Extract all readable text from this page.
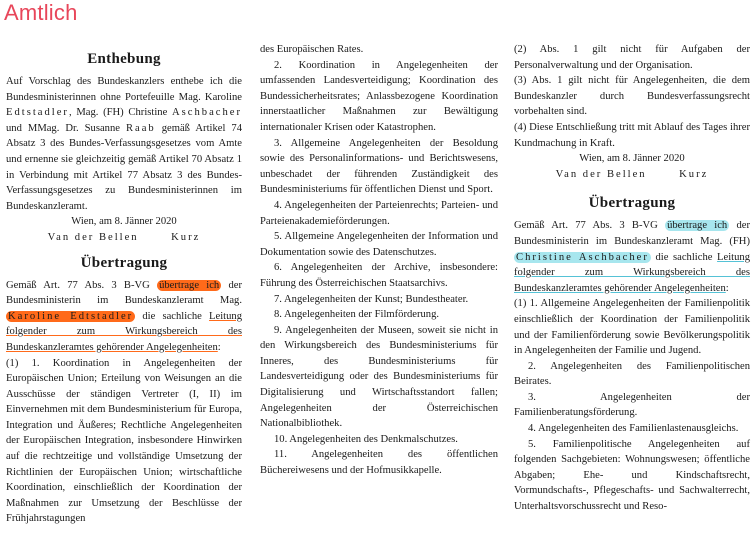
Amtlich
Enthebung

Auf Vorschlag des Bundeskanzlers enthebe ich die Bundesministerinnen ohne Portefeuille Mag. Karoline Edtstadler, Mag. (FH) Christine Aschbacher und MMag. Dr. Susanne Raab gemäß Artikel 74 Absatz 3 des Bundes-Verfassungsgesetzes vom Amte und ernenne sie gleichzeitig gemäß Artikel 70 Absatz 1 in Verbindung mit Artikel 77 Absatz 3 des Bundes-Verfassungsgesetzes zu Bundesministerinnen im Bundeskanzleramt.

Wien, am 8. Jänner 2020

Van der Bellen       Kurz

Übertragung

Gemäß Art. 77 Abs. 3 B-VG übertrage ich der Bundesministerin im Bundeskanzleramt Mag. Karoline Edtstadler die sachliche Leitung folgender zum Wirkungsbereich des Bundeskanzleramtes gehörender Angelegenheiten:

(1) 1. Koordination in Angelegenheiten der Europäischen Union; Erteilung von Weisungen an die Ausschüsse der ständigen Vertreter (I, II) im Einvernehmen mit dem Bundesministerium für Europa, Integration und Äußeres; Rechtliche Angelegenheiten der Europäischen Integration, insbesondere Hinwirken auf die rechtzeitige und vollständige Umsetzung der Richtlinien der Europäischen Union; wirtschaftliche Koordination, einschließlich der Koordination der Maßnahmen zur Umsetzung der Beschlüsse der Frühjahrstagungen

des Europäischen Rates.

2. Koordination in Angelegenheiten der umfassenden Landesverteidigung; Koordination des Bundessicherheitsrates; Anlassbezogene Koordination innerstaatlicher Maßnahmen zur Bewältigung internationaler Krisen oder Katastrophen.

3. Allgemeine Angelegenheiten der Besoldung sowie des Personalinformations- und Berichtswesens, unbeschadet der führenden Zuständigkeit des Bundesministeriums für öffentlichen Dienst und Sport.

4. Angelegenheiten der Parteienrechts; Parteien- und Parteienakademieförderungen.

5. Allgemeine Angelegenheiten der Information und Dokumentation sowie des Datenschutzes.

6. Angelegenheiten der Archive, insbesondere: Führung des Österreichischen Staatsarchivs.

7. Angelegenheiten der Kunst; Bundestheater.

8. Angelegenheiten der Filmförderung.

9. Angelegenheiten der Museen, soweit sie nicht in den Wirkungsbereich des Bundesministeriums für Inneres, des Bundesministeriums für Landesverteidigung oder des Bundesministeriums für Digitalisierung und Wirtschaftsstandort fallen; Angelegenheiten der Österreichischen Nationalbibliothek.

10. Angelegenheiten des Denkmalschutzes.

11. Angelegenheiten des öffentlichen Büchereiwesens und der Hofmusikkapelle.

(2) Abs. 1 gilt nicht für Aufgaben der Personalverwaltung und der Organisation.

(3) Abs. 1 gilt nicht für Angelegenheiten, die dem Bundeskanzler durch Bundesverfassungsrecht vorbehalten sind.

(4) Diese Entschließung tritt mit Ablauf des Tages ihrer Kundmachung in Kraft.

Wien, am 8. Jänner 2020

Van der Bellen       Kurz

Übertragung

Gemäß Art. 77 Abs. 3 B-VG übertrage ich der Bundesministerin im Bundeskanzleramt Mag. (FH) Christine Aschbacher die sachliche Leitung folgender zum Wirkungsbereich des Bundeskanzleramtes gehörender Angelegenheiten:

(1) 1. Allgemeine Angelegenheiten der Familienpolitik einschließlich der Koordination der Familienpolitik und der Familienförderung sowie Bevölkerungspolitik in Angelegenheiten der Familie und Jugend.

2. Angelegenheiten des Familienpolitischen Beirates.

3. Angelegenheiten der Familienberatungsförderung.

4. Angelegenheiten des Familienlastenausgleichs.

5. Familienpolitische Angelegenheiten auf folgenden Sachgebieten: Wohnungswesen; öffentliche Abgaben; Ehe- und Kindschaftsrecht, Vormundschafts-, Pflegeschafts- und Sachwalterrecht, Unterhaltsvorschussrecht und Reso-
